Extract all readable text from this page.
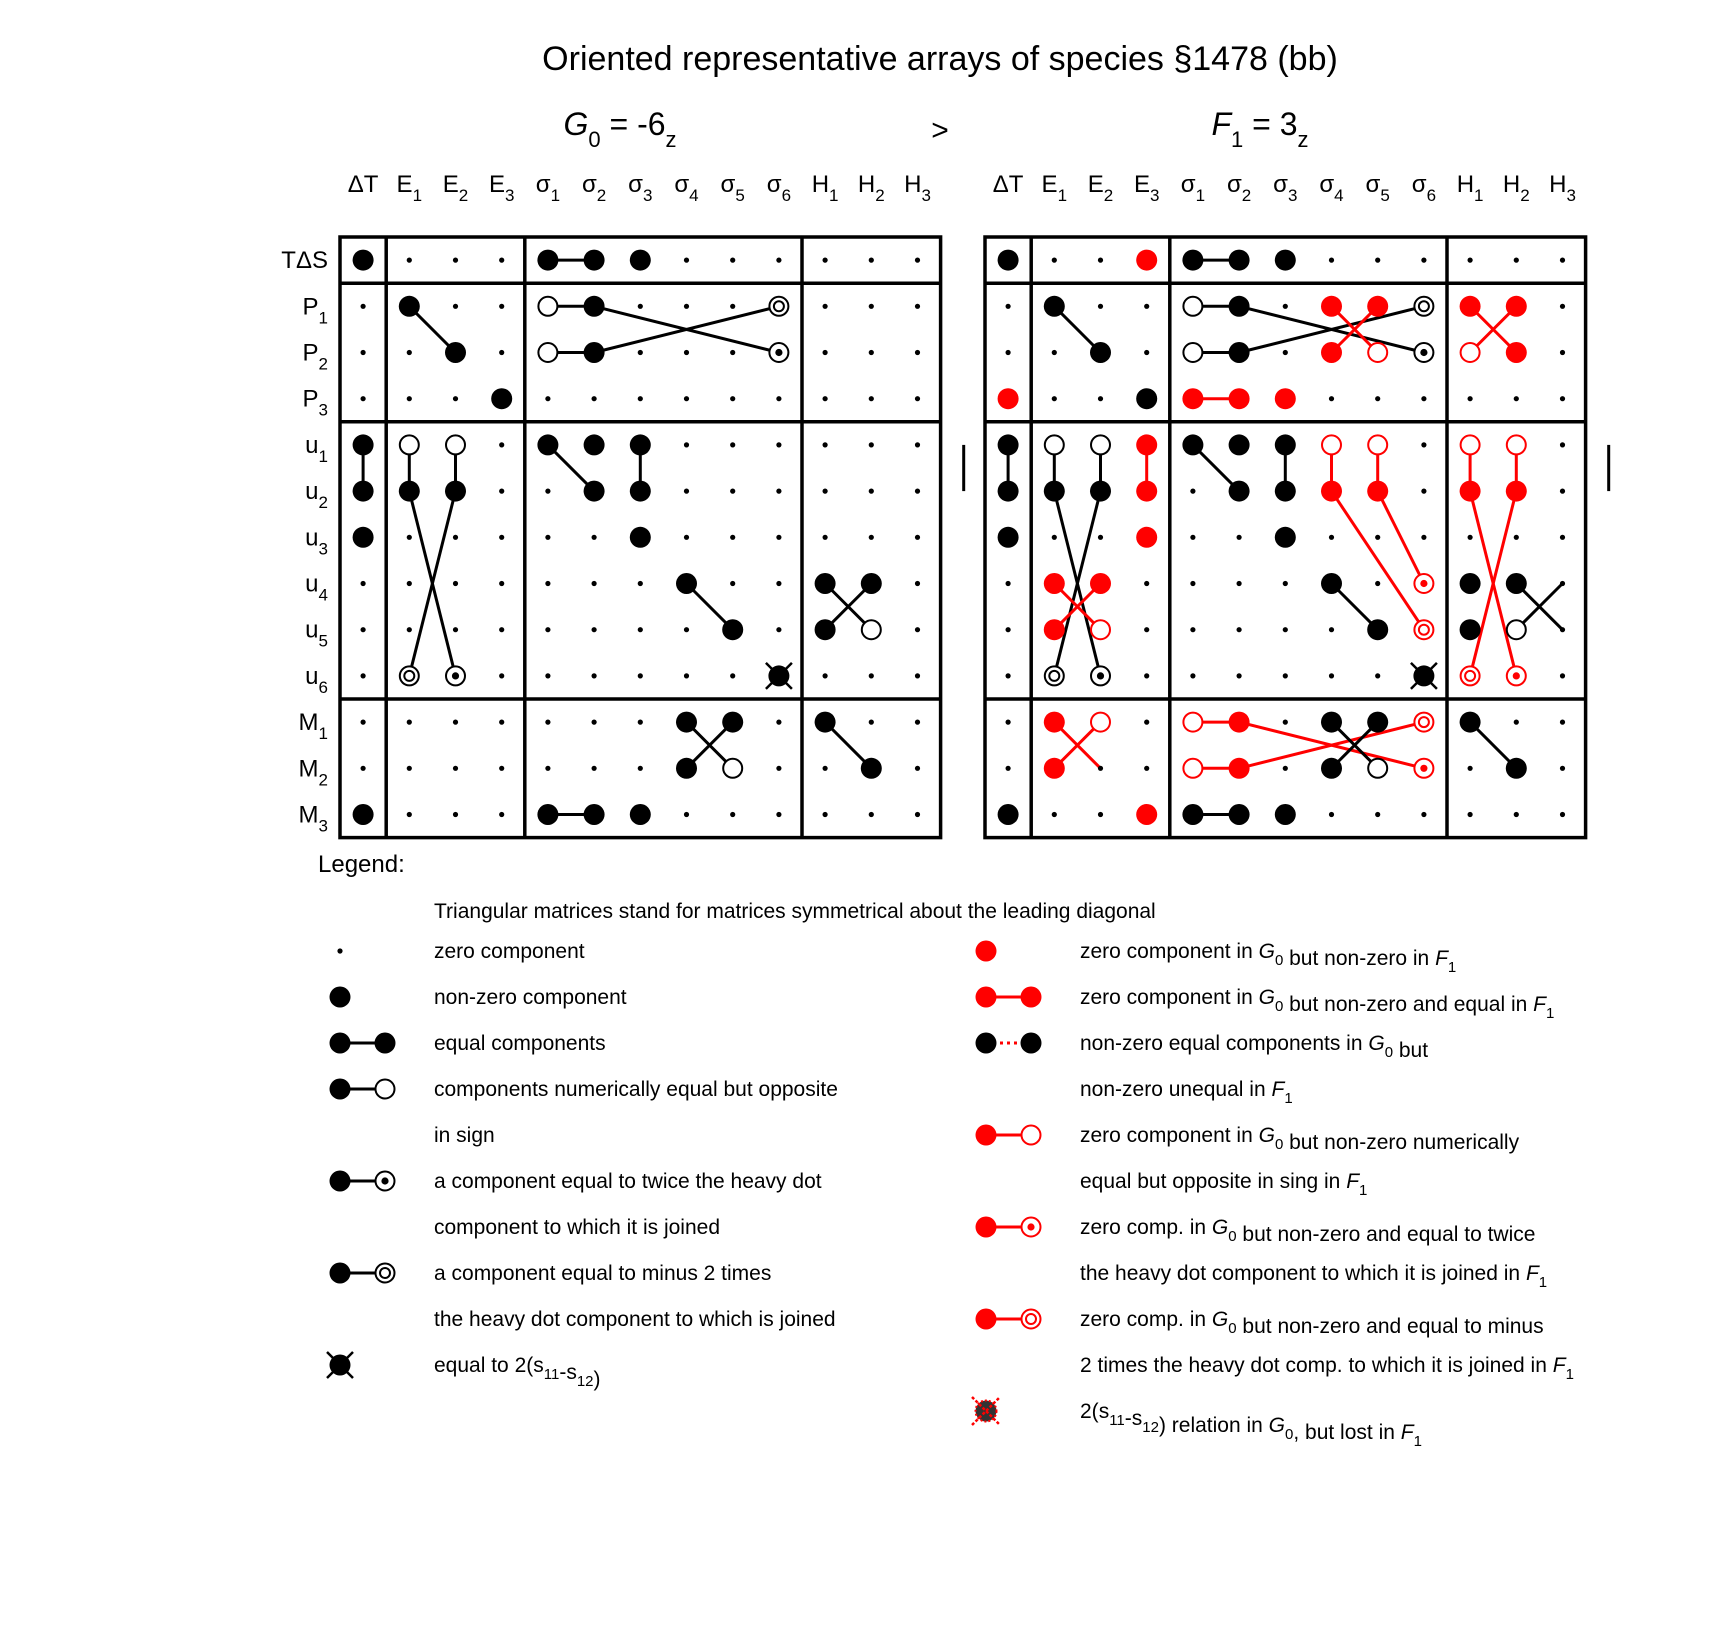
Oriented representative arrays of species §1478 (bb)
>
$G_0 = -6_z$	$F_1 = 3_z$
ΔT $E_1$ $E_2$ $E_3$ $\sigma_1$ $\sigma_2$ $\sigma_3$ $\sigma_4$ $\sigma_5$ $\sigma_6$ $H_1$ $H_2$ $H_3$
TΔS
$P_1$
$P_2$
$P_3$
$u_1$
$u_2$
$u_3$
$u_4$
$u_5$
$u_6$
$M_1$
$M_2$
$M_3$
ΔT $E_1$ $E_2$ $E_3$ $\sigma_1$ $\sigma_2$ $\sigma_3$ $\sigma_4$ $\sigma_5$ $\sigma_6$ $H_1$ $H_2$ $H_3$
Legend:
Triangular matrices stand for matrices symmetrical about the leading diagonal
zero component
non-zero component
equal components
components numerically equal but opposite
in sign
a component equal to twice the heavy dot
component to which it is joined
a component equal to minus 2 times
the heavy dot component to which is joined
equal to $2(s_{11}-s_{12})$
zero component in $G_0$ but non-zero in $F_1$
zero component in $G_0$ but non-zero and equal in $F_1$
non-zero equal components in $G_0$ but
non-zero unequal in $F_1$
zero component in $G_0$ but non-zero numerically
equal but opposite in sing in $F_1$
zero comp. in $G_0$ but non-zero and equal to twice
the heavy dot component to which it is joined in $F_1$
zero comp. in $G_0$ but non-zero and equal to minus
2 times the heavy dot comp. to which it is joined in $F_1$
$2(s_{11}-s_{12})$ relation in $G_0$, but lost in $F_1$
